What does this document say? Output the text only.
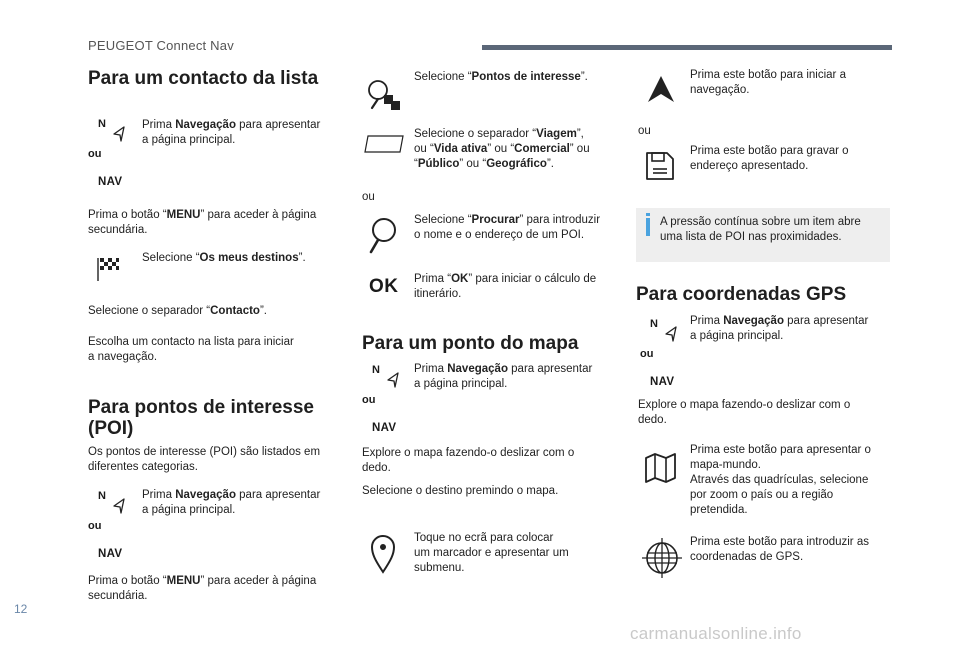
PEUGEOT Connect Nav
Para um contacto da lista
N
ou
NAV
Prima Navegação para apresentar
a página principal.
Prima o botão “MENU” para aceder à página
secundária.
Selecione “Os meus destinos”.
Selecione o separador “Contacto”.
Escolha um contacto na lista para iniciar
a navegação.
Para pontos de interesse
(POI)
Os pontos de interesse (POI) são listados em
diferentes categorias.
N
ou
NAV
Prima Navegação para apresentar
a página principal.
Prima o botão “MENU” para aceder à página
secundária.
Selecione “Pontos de interesse”.
Selecione o separador “Viagem”,
ou “Vida ativa” ou “Comercial” ou
“Público” ou “Geográfico”.
ou
Selecione “Procurar” para introduzir
o nome e o endereço de um POI.
OK Prima “OK” para iniciar o cálculo de
itinerário.
Para um ponto do mapa
N
ou
NAV
Prima Navegação para apresentar
a página principal.
Explore o mapa fazendo-o deslizar com o
dedo.
Selecione o destino premindo o mapa.
Toque no ecrã para colocar
um marcador e apresentar um
submenu.
Prima este botão para iniciar a
navegação.
ou
Prima este botão para gravar o
endereço apresentado.
A pressão contínua sobre um item abre
uma lista de POI nas proximidades.
Para coordenadas GPS
N
ou
NAV
Prima Navegação para apresentar
a página principal.
Explore o mapa fazendo-o deslizar com o
dedo.
Prima este botão para apresentar o
mapa-mundo.
Através das quadrículas, selecione
por zoom o país ou a região
pretendida.
Prima este botão para introduzir as
coordenadas de GPS.
12
carmanualsonline.info
